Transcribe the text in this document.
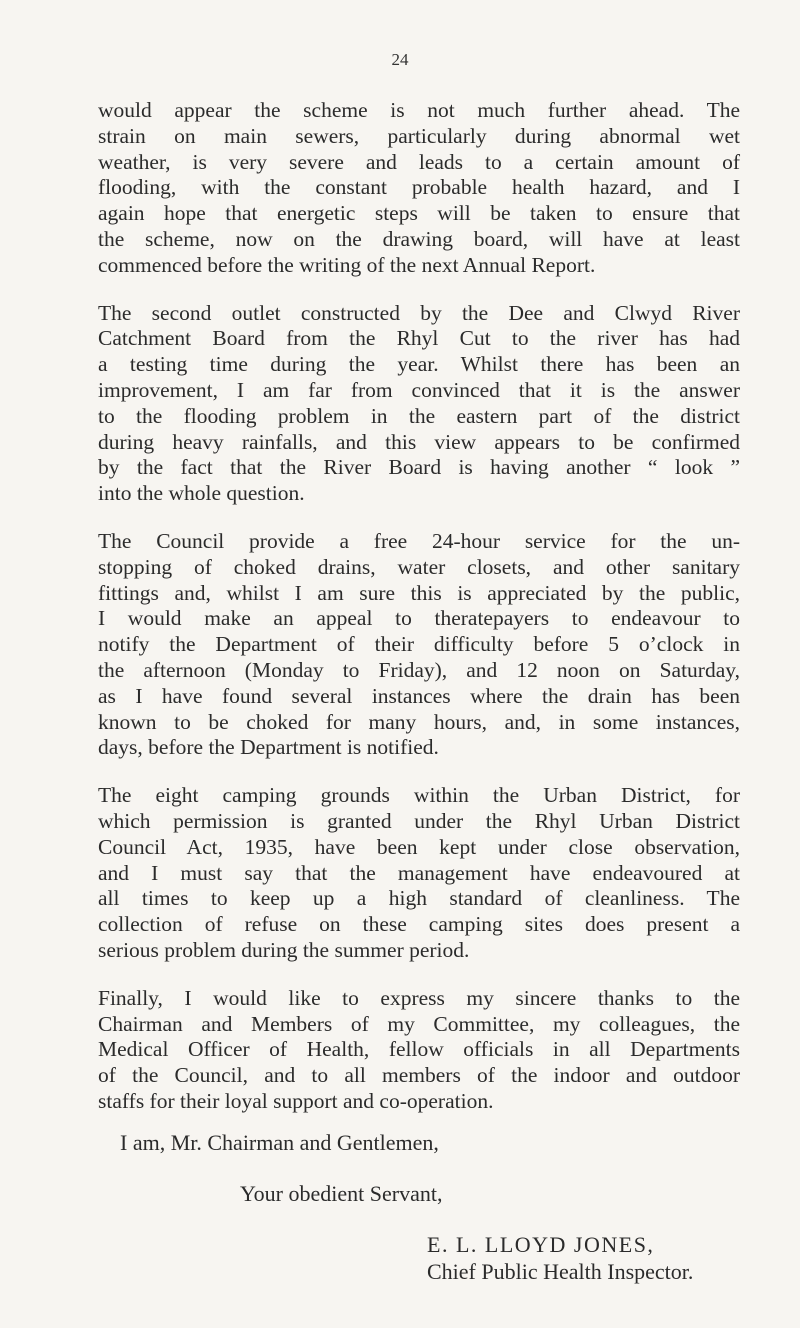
24
would appear the scheme is not much further ahead. The
strain on main sewers, particularly during abnormal wet
weather, is very severe and leads to a certain amount of
flooding, with the constant probable health hazard, and I
again hope that energetic steps will be taken to ensure that
the scheme, now on the drawing board, will have at least
commenced before the writing of the next Annual Report.
The second outlet constructed by the Dee and Clwyd River
Catchment Board from the Rhyl Cut to the river has had
a testing time during the year. Whilst there has been an
improvement, I am far from convinced that it is the answer
to the flooding problem in the eastern part of the district
during heavy rainfalls, and this view appears to be confirmed
by the fact that the River Board is having another “ look ”
into the whole question.
The Council provide a free 24-hour service for the un-
stopping of choked drains, water closets, and other sanitary
fittings and, whilst I am sure this is appreciated by the public,
I would make an appeal to theratepayers to endeavour to
notify the Department of their difficulty before 5 o’clock in
the afternoon (Monday to Friday), and 12 noon on Saturday,
as I have found several instances where the drain has been
known to be choked for many hours, and, in some instances,
days, before the Department is notified.
The eight camping grounds within the Urban District, for
which permission is granted under the Rhyl Urban District
Council Act, 1935, have been kept under close observation,
and I must say that the management have endeavoured at
all times to keep up a high standard of cleanliness. The
collection of refuse on these camping sites does present a
serious problem during the summer period.
Finally, I would like to express my sincere thanks to the
Chairman and Members of my Committee, my colleagues, the
Medical Officer of Health, fellow officials in all Departments
of the Council, and to all members of the indoor and outdoor
staffs for their loyal support and co-operation.
I am, Mr. Chairman and Gentlemen,
Your obedient Servant,
E. L. LLOYD JONES,
Chief Public Health Inspector.
